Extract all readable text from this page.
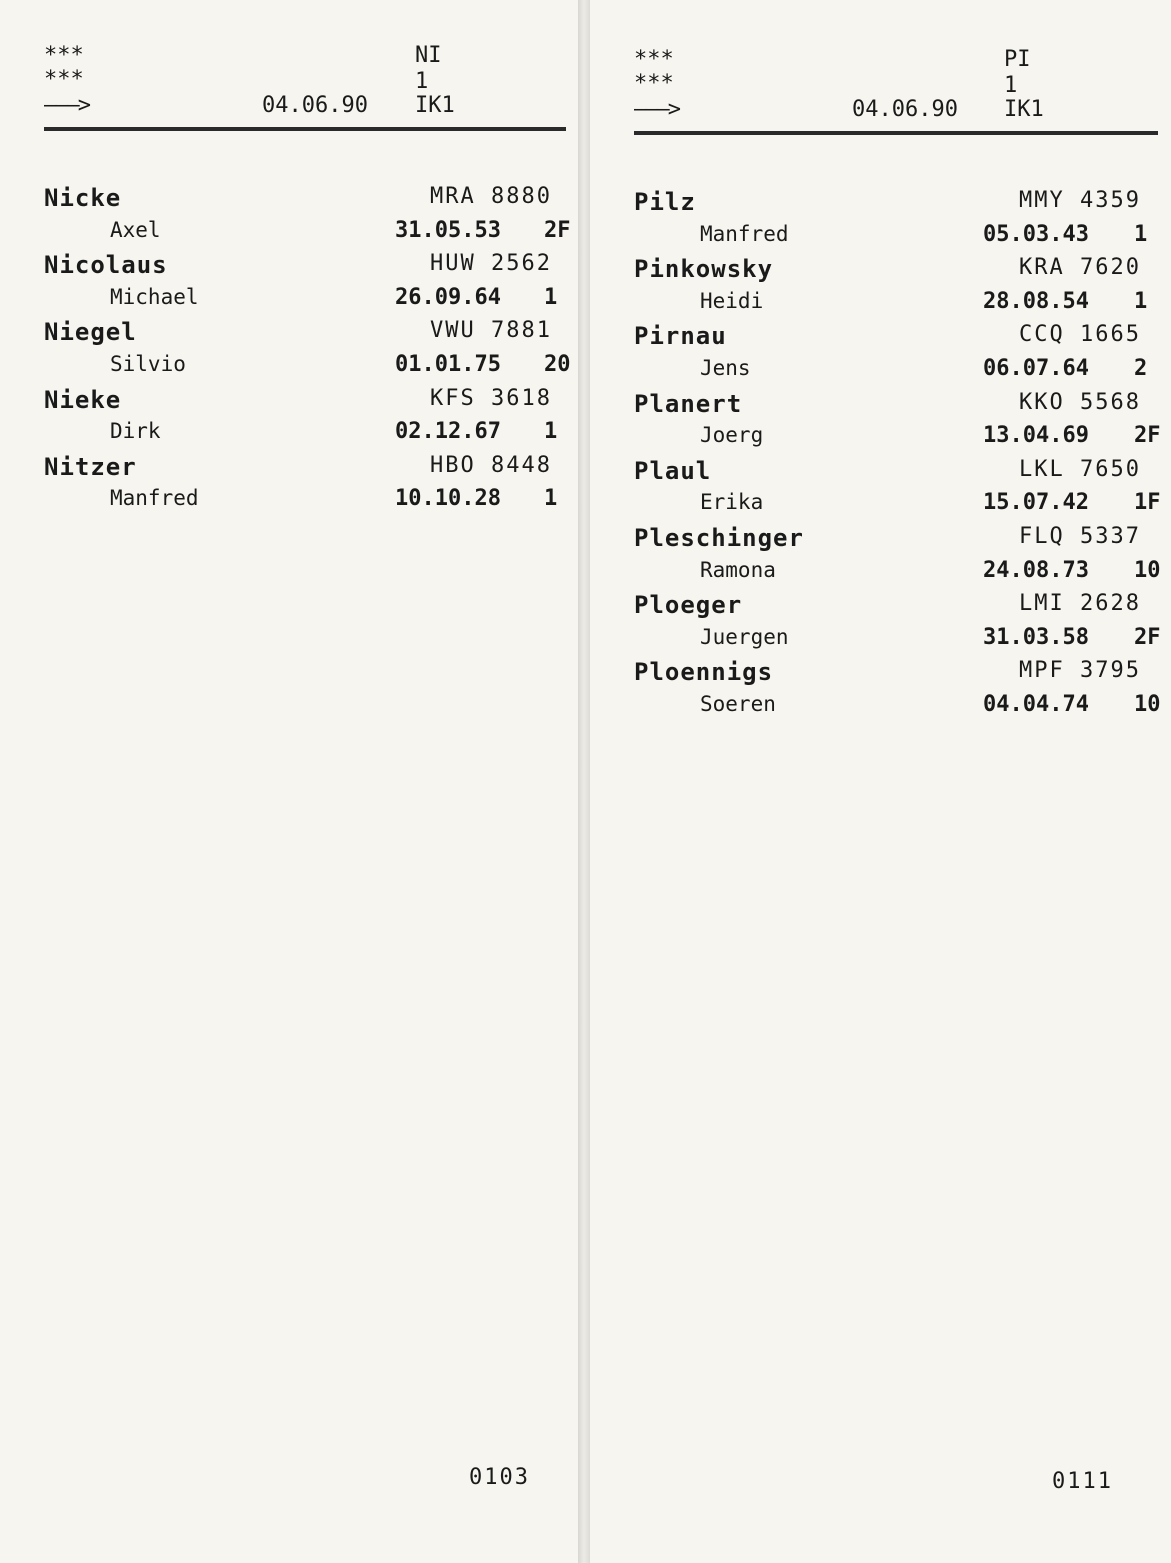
***
***
———>
NI
1
04.06.90 IK1
Nicke	MRA 8880
Axel	31.05.53 2F
Nicolaus	HUW 2562
Michael	26.09.64 1
Niegel	VWU 7881
Silvio	01.01.75 20
Nieke	KFS 3618
Dirk	02.12.67 1
Nitzer	HBO 8448
Manfred	10.10.28 1
0103
***
***
———>
PI
1
04.06.90 IK1
Pilz	MMY 4359
Manfred	05.03.43 1
Pinkowsky	KRA 7620
Heidi	28.08.54 1
Pirnau	CCQ 1665
Jens	06.07.64 2
Planert	KKO 5568
Joerg	13.04.69 2F
Plaul	LKL 7650
Erika	15.07.42 1F
Pleschinger	FLQ 5337
Ramona	24.08.73 10
Ploeger	LMI 2628
Juergen	31.03.58 2F
Ploennigs	MPF 3795
Soeren	04.04.74 10
0111
